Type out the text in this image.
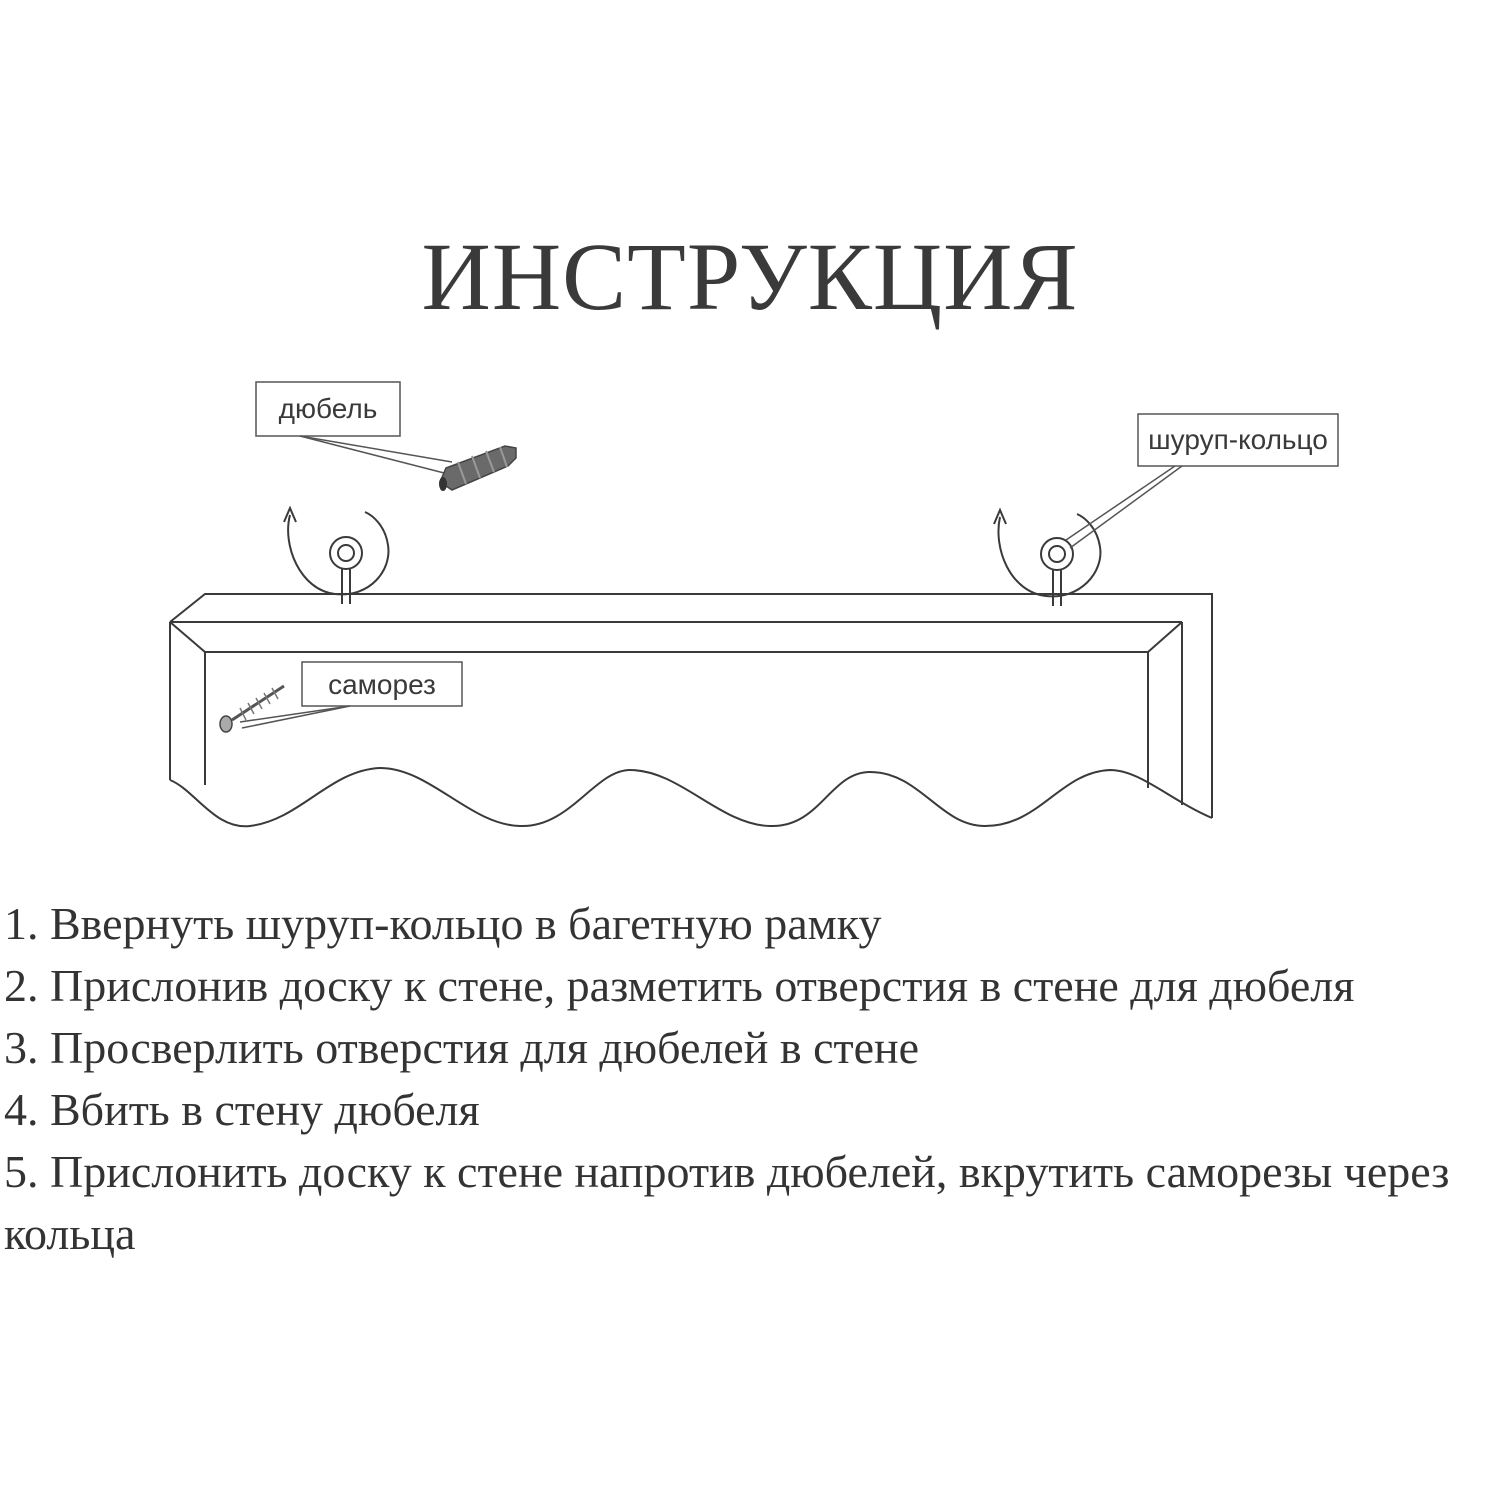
ИНСТРУКЦИЯ
дюбель
шуруп-кольцо
саморез
1. Ввернуть шуруп-кольцо в багетную рамку
2. Прислонив доску к стене, разметить отверстия в стене для дюбеля
3. Просверлить отверстия для дюбелей в стене
4. Вбить в стену дюбеля
5. Прислонить доску к стене напротив дюбелей, вкрутить саморезы через кольца
